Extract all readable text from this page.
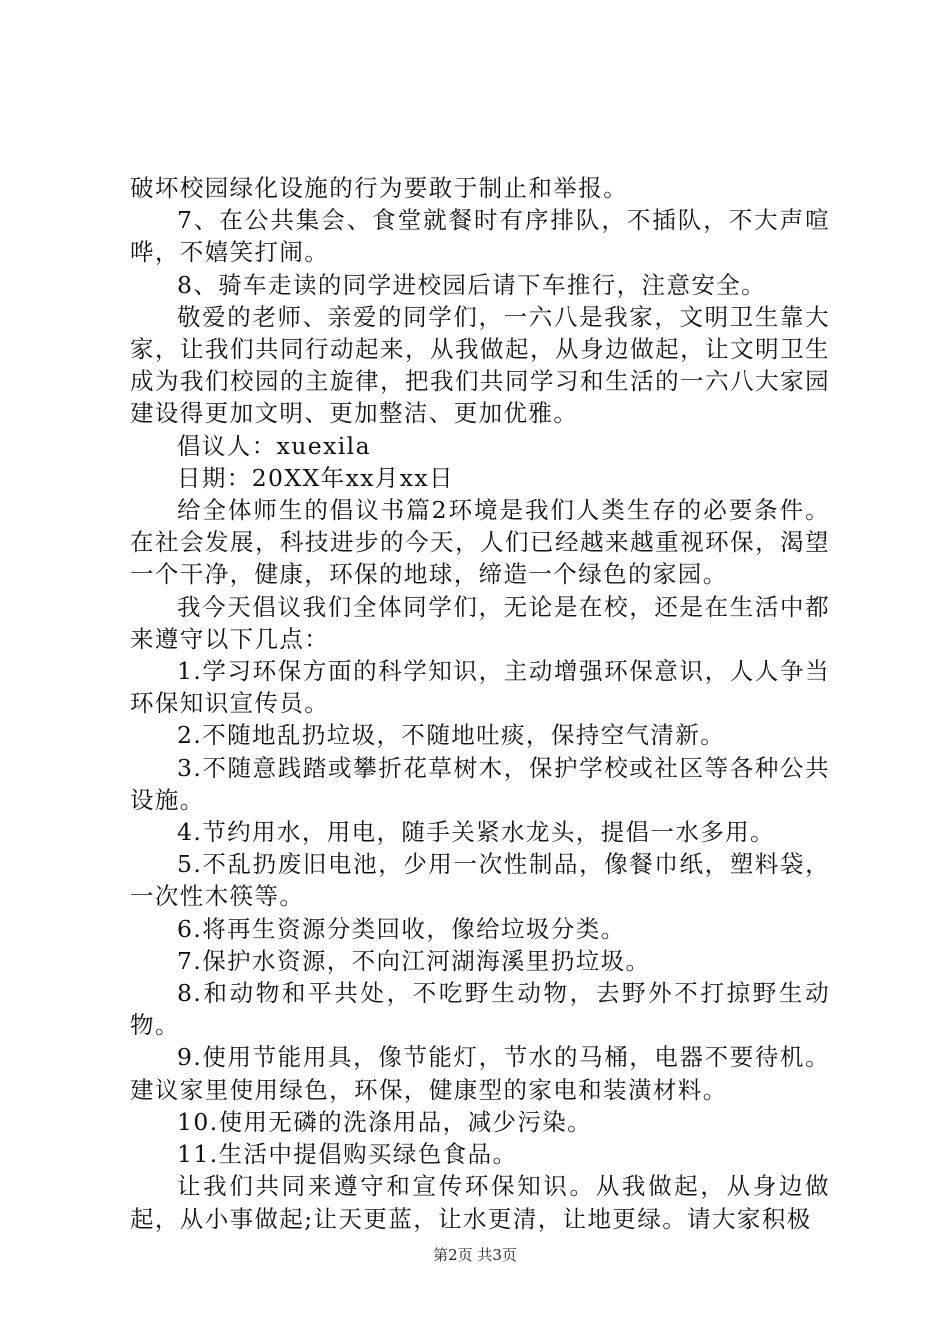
破坏校园绿化设施的行为要敢于制止和举报。

7、在公共集会、食堂就餐时有序排队，不插队，不大声喧哗，不嬉笑打闹。

8、骑车走读的同学进校园后请下车推行，注意安全。

敬爱的老师、亲爱的同学们，一六八是我家，文明卫生靠大家，让我们共同行动起来，从我做起，从身边做起，让文明卫生成为我们校园的主旋律，把我们共同学习和生活的一六八大家园建设得更加文明、更加整洁、更加优雅。

倡议人：xuexila

日期：20XX年xx月xx日

给全体师生的倡议书篇2环境是我们人类生存的必要条件。在社会发展，科技进步的今天，人们已经越来越重视环保，渴望一个干净，健康，环保的地球，缔造一个绿色的家园。

我今天倡议我们全体同学们，无论是在校，还是在生活中都来遵守以下几点：

1.学习环保方面的科学知识，主动增强环保意识，人人争当环保知识宣传员。

2.不随地乱扔垃圾，不随地吐痰，保持空气清新。

3.不随意践踏或攀折花草树木，保护学校或社区等各种公共设施。

4.节约用水，用电，随手关紧水龙头，提倡一水多用。

5.不乱扔废旧电池，少用一次性制品，像餐巾纸，塑料袋，一次性木筷等。

6.将再生资源分类回收，像给垃圾分类。

7.保护水资源，不向江河湖海溪里扔垃圾。

8.和动物和平共处，不吃野生动物，去野外不打掠野生动物。

9.使用节能用具，像节能灯，节水的马桶，电器不要待机。建议家里使用绿色，环保，健康型的家电和装潢材料。

10.使用无磷的洗涤用品，减少污染。

11.生活中提倡购买绿色食品。

让我们共同来遵守和宣传环保知识。从我做起，从身边做起，从小事做起;让天更蓝，让水更清，让地更绿。请大家积极

第2页 共3页
